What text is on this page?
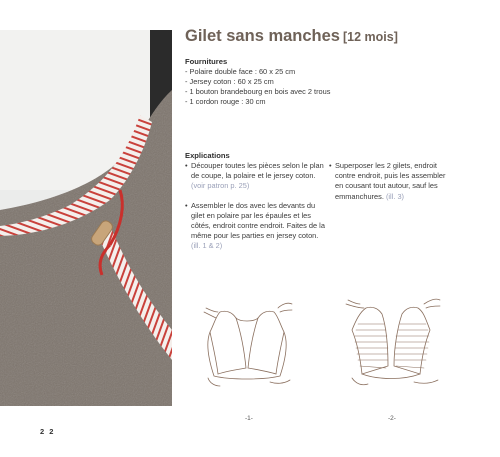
Gilet sans manches [12 mois]
Fournitures
- Polaire double face : 60 x 25 cm
- Jersey coton : 60 x 25 cm
- 1 bouton brandebourg en bois avec 2 trous
- 1 cordon rouge : 30 cm
Explications
• Découper toutes les pièces selon le plan de coupe, la polaire et le jersey coton. (voir patron p. 25)
• Assembler le dos avec les devants du gilet en polaire par les épaules et les côtés, endroit contre endroit. Faites de la même pour les parties en jersey coton. (ill. 1 & 2)
• Superposer les 2 gilets, endroit contre endroit, puis les assembler en cousant tout autour, sauf les emmanchures. (ill. 3)
-1-	-2-
2 2
